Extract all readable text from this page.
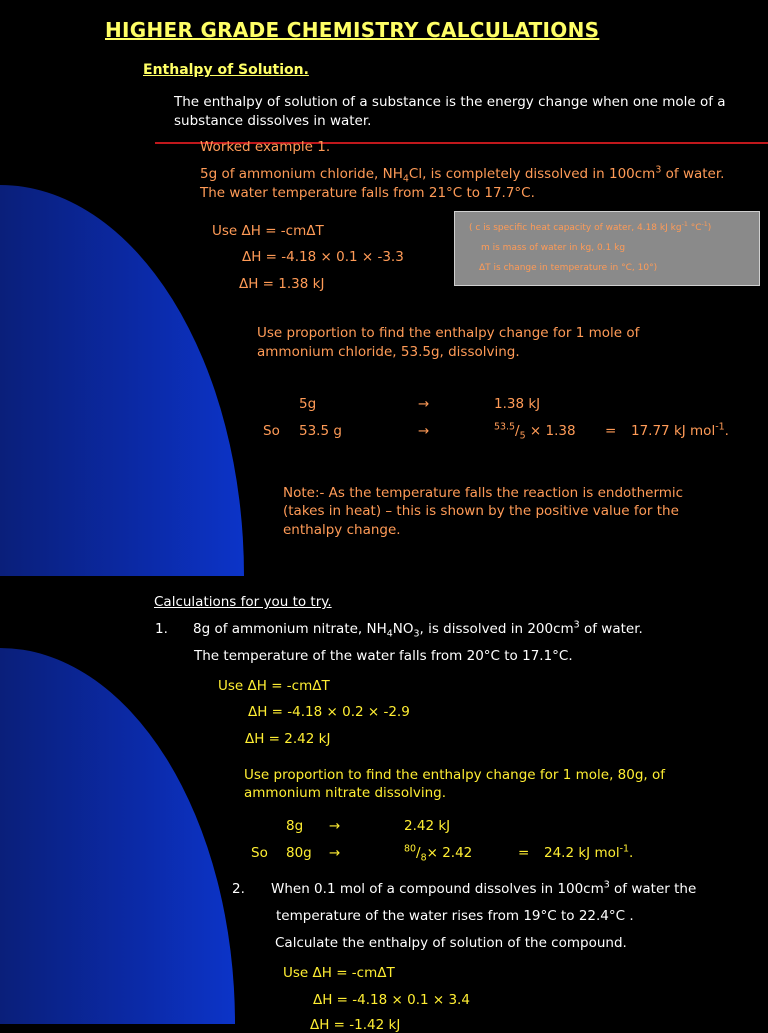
HIGHER GRADE CHEMISTRY CALCULATIONS
Enthalpy of Solution.
The enthalpy of solution of a substance is the energy change when one mole of a
substance dissolves in water.
Worked example 1.
5g of ammonium chloride, $NH_4Cl$, is completely dissolved in $100cm^3$ of water.
The water temperature falls from 21°C to 17.7°C.
Use ΔH = -cmΔT
ΔH = -4.18 × 0.1 × -3.3
ΔH = 1.38 kJ
( c is specific heat capacity of water, 4.18 kJ $kg^{-1}$ $^\circ C^{-1}$)
m is mass of water in kg, 0.1 kg
ΔT is change in temperature in °C, 10°)
Use proportion to find the enthalpy change for 1 mole of
ammonium chloride, 53.5g, dissolving.
5g	→	1.38 kJ
So 53.5 g	→	$^{53.5}/_5 \times 1.38 = 17.77$ kJ mol$^{-1}$.
Note:- As the temperature falls the reaction is endothermic
(takes in heat) – this is shown by the positive value for the
enthalpy change.
Calculations for you to try.
1. 8g of ammonium nitrate, $NH_4NO_3$, is dissolved in $200cm^3$ of water.
The temperature of the water falls from 20°C to 17.1°C.
Use ΔH = -cmΔT
ΔH = -4.18 × 0.2 × -2.9
ΔH = 2.42 kJ
Use proportion to find the enthalpy change for 1 mole, 80g, of
ammonium nitrate dissolving.
8g →	2.42 kJ
So 80g →	$^{80}/_8\times 2.42$	= 24.2 kJ mol$^{-1}$.
2. When 0.1 mol of a compound dissolves in $100cm^3$ of water the
temperature of the water rises from 19°C to 22.4°C .
Calculate the enthalpy of solution of the compound.
Use ΔH = -cmΔT
ΔH = -4.18 × 0.1 × 3.4
ΔH = -1.42 kJ
